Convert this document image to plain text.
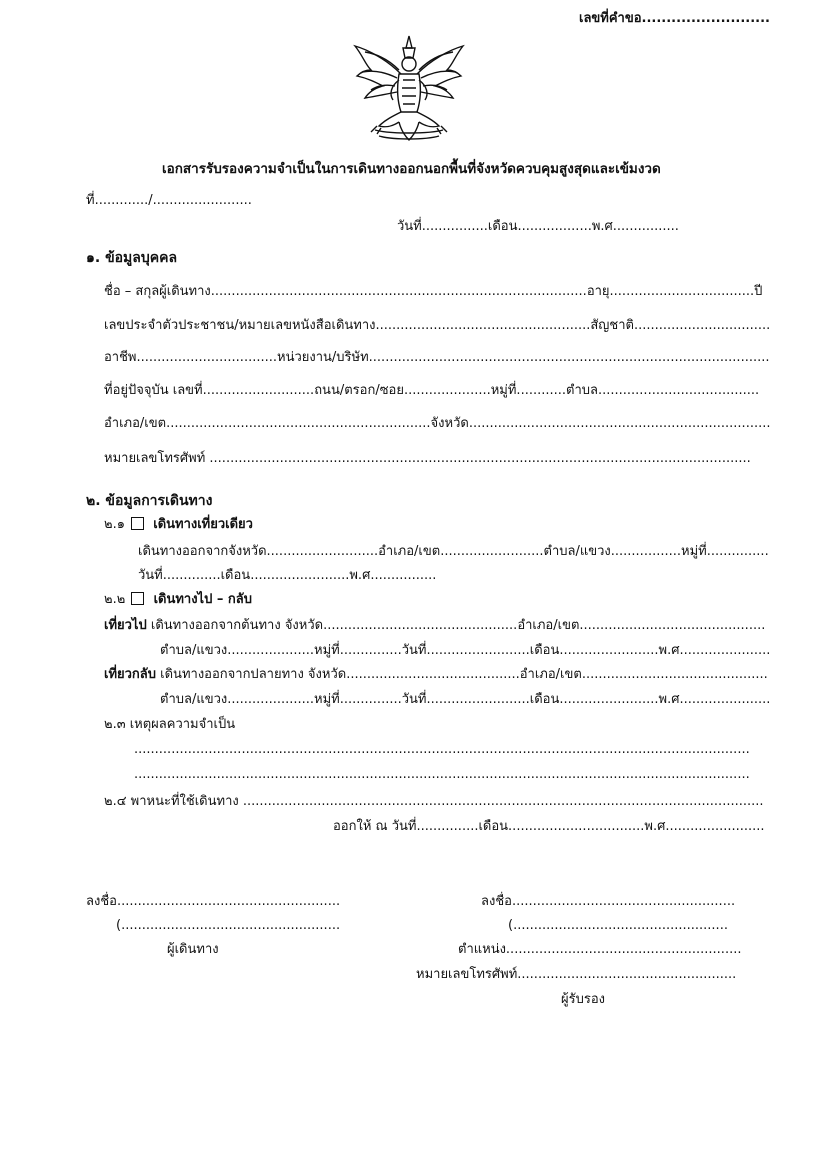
เลขที่คำขอ..........................
เอกสารรับรองความจำเป็นในการเดินทางออกนอกพื้นที่จังหวัดควบคุมสูงสุดและเข้มงวด
ที่............./........................
วันที่................เดือน..................พ.ศ................
๑. ข้อมูลบุคคล
ชื่อ – สกุลผู้เดินทาง...........................................................................................อายุ...................................ปี
เลขประจำตัวประชาชน/หมายเลขหนังสือเดินทาง....................................................สัญชาติ.................................
อาชีพ..................................หน่วยงาน/บริษัท.................................................................................................
ที่อยู่ปัจจุบัน เลขที่...........................ถนน/ตรอก/ซอย.....................หมู่ที่............ตำบล.......................................
อำเภอ/เขต................................................................จังหวัด.........................................................................
หมายเลขโทรศัพท์ ...................................................................................................................................
๒. ข้อมูลการเดินทาง
๒.๑ เดินทางเที่ยวเดียว
เดินทางออกจากจังหวัด...........................อำเภอ/เขต.........................ตำบล/แขวง.................หมู่ที่...............
วันที่..............เดือน........................พ.ศ................
๒.๒ เดินทางไป – กลับ
เที่ยวไป เดินทางออกจากต้นทาง จังหวัด...............................................อำเภอ/เขต.............................................
ตำบล/แขวง.....................หมู่ที่...............วันที่.........................เดือน........................พ.ศ......................
เที่ยวกลับ เดินทางออกจากปลายทาง จังหวัด..........................................อำเภอ/เขต.............................................
ตำบล/แขวง.....................หมู่ที่...............วันที่.........................เดือน........................พ.ศ......................
๒.๓ เหตุผลความจำเป็น
.....................................................................................................................................................
.....................................................................................................................................................
๒.๔ พาหนะที่ใช้เดินทาง ..............................................................................................................................
ออกให้ ณ วันที่...............เดือน.................................พ.ศ........................
ลงชื่อ......................................................
(.....................................................
ผู้เดินทาง
ลงชื่อ......................................................
(....................................................
ตำแหน่ง.........................................................
หมายเลขโทรศัพท์.....................................................
ผู้รับรอง
